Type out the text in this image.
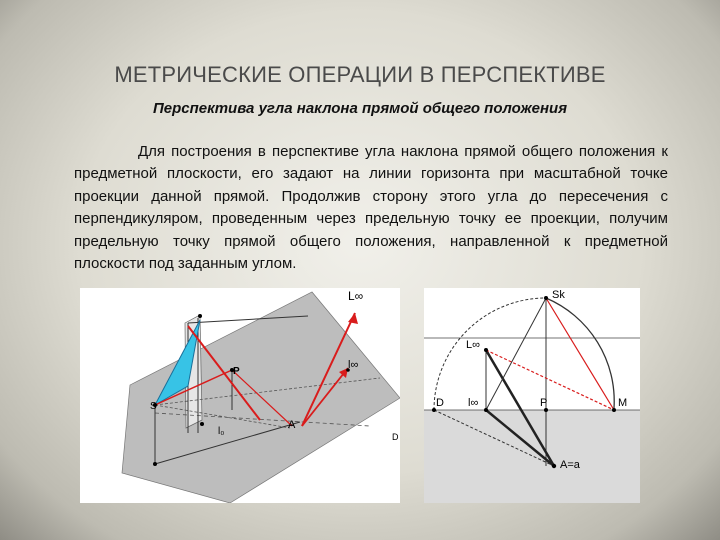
МЕТРИЧЕСКИЕ ОПЕРАЦИИ В ПЕРСПЕКТИВЕ
Перспектива угла наклона прямой общего положения

Для построения в перспективе угла наклона прямой общего положения к предметной плоскости, его задают на линии горизонта при масштабной точке проекции данной прямой. Продолжив сторону этого угла до пересечения с перпендикуляром, проведенным через предельную точку ее проекции, получим предельную точку прямой общего положения, направленной к предметной плоскости под заданным углом.

L∞
l∞
P
S
l₀
A
D
Sk
L∞
D l∞	P	M
A=a
